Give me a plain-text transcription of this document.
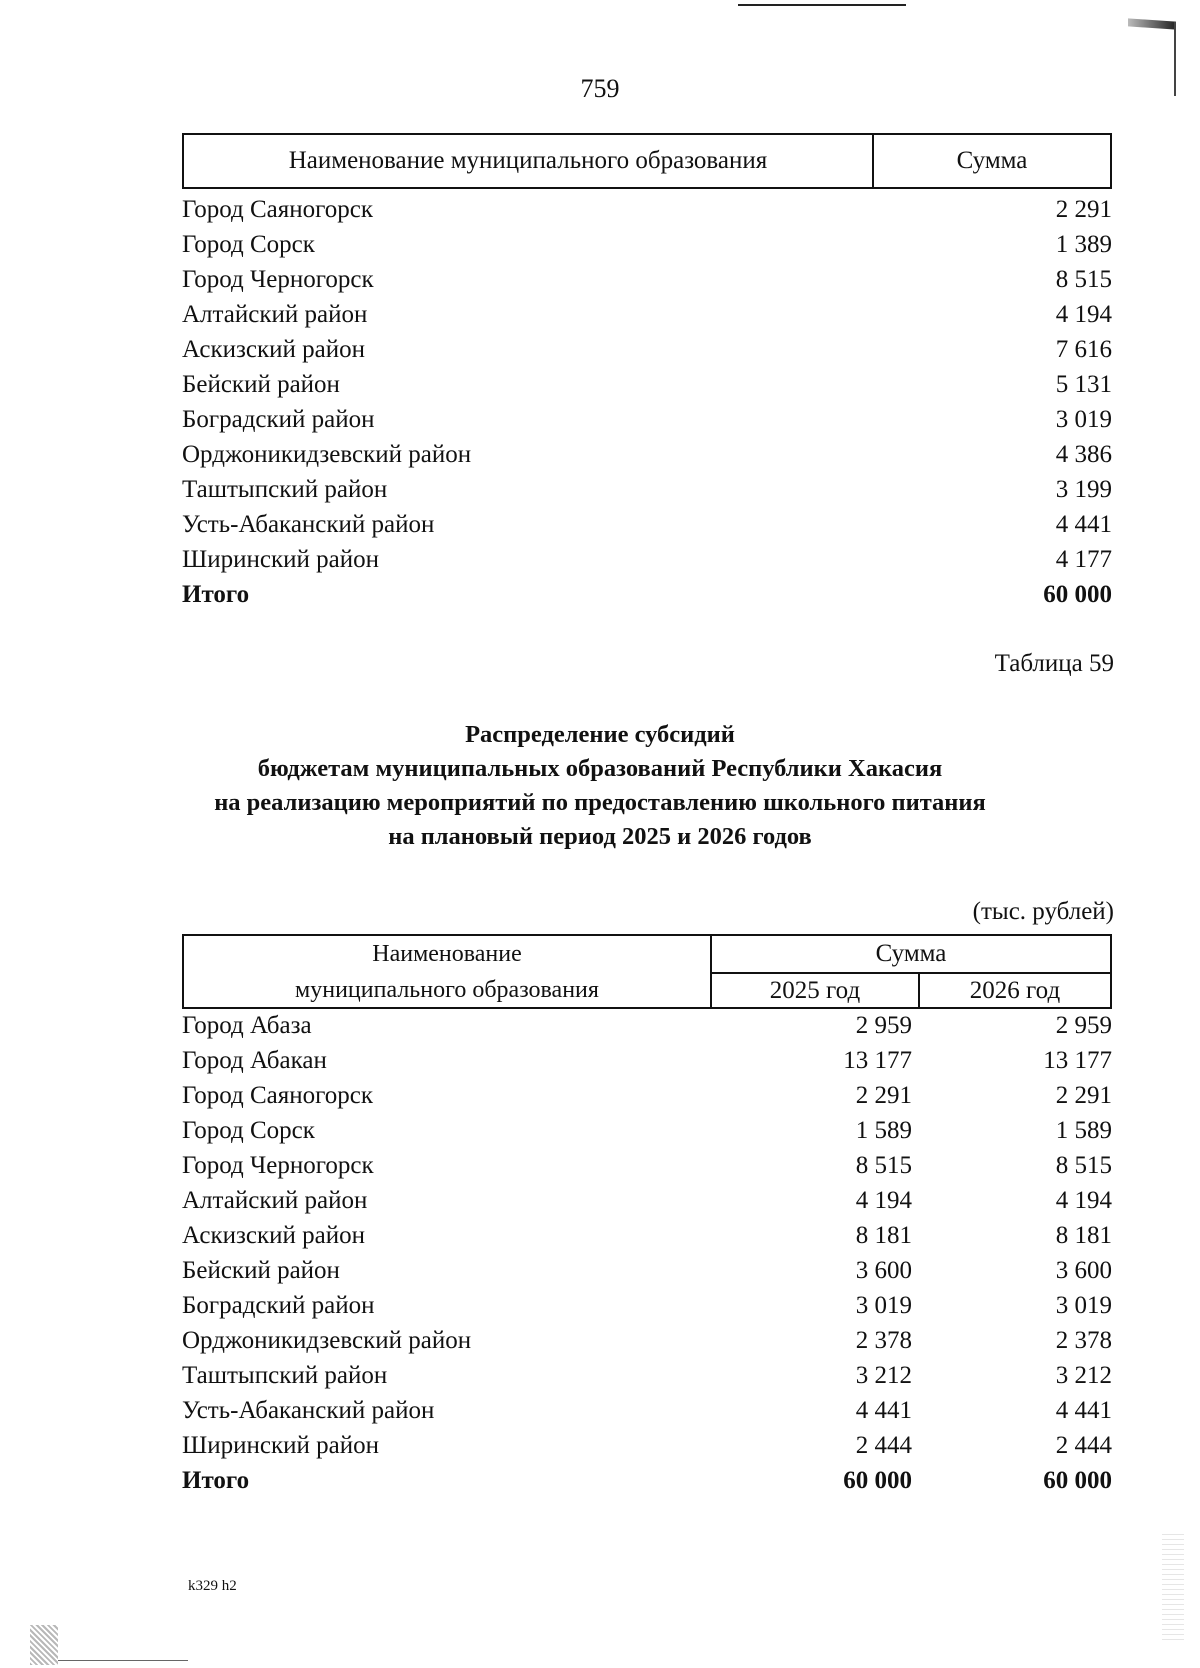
759
Наименование муниципального образования	Сумма
Город Саяногорск	2 291
Город Сорск	1 389
Город Черногорск	8 515
Алтайский район	4 194
Аскизский район	7 616
Бейский район	5 131
Боградский район	3 019
Орджоникидзевский район	4 386
Таштыпский район	3 199
Усть-Абаканский район	4 441
Ширинский район	4 177
Итого	60 000
Таблица 59
Распределение субсидий
бюджетам муниципальных образований Республики Хакасия
на реализацию мероприятий по предоставлению школьного питания
на плановый период 2025 и 2026 годов
(тыс. рублей)
Наименование
муниципального образования
Сумма
2025 год	2026 год
Город Абаза	2 959	2 959
Город Абакан	13 177	13 177
Город Саяногорск	2 291	2 291
Город Сорск	1 589	1 589
Город Черногорск	8 515	8 515
Алтайский район	4 194	4 194
Аскизский район	8 181	8 181
Бейский район	3 600	3 600
Боградский район	3 019	3 019
Орджоникидзевский район	2 378	2 378
Таштыпский район	3 212	3 212
Усть-Абаканский район	4 441	4 441
Ширинский район	2 444	2 444
Итого	60 000	60 000
k329 h2
